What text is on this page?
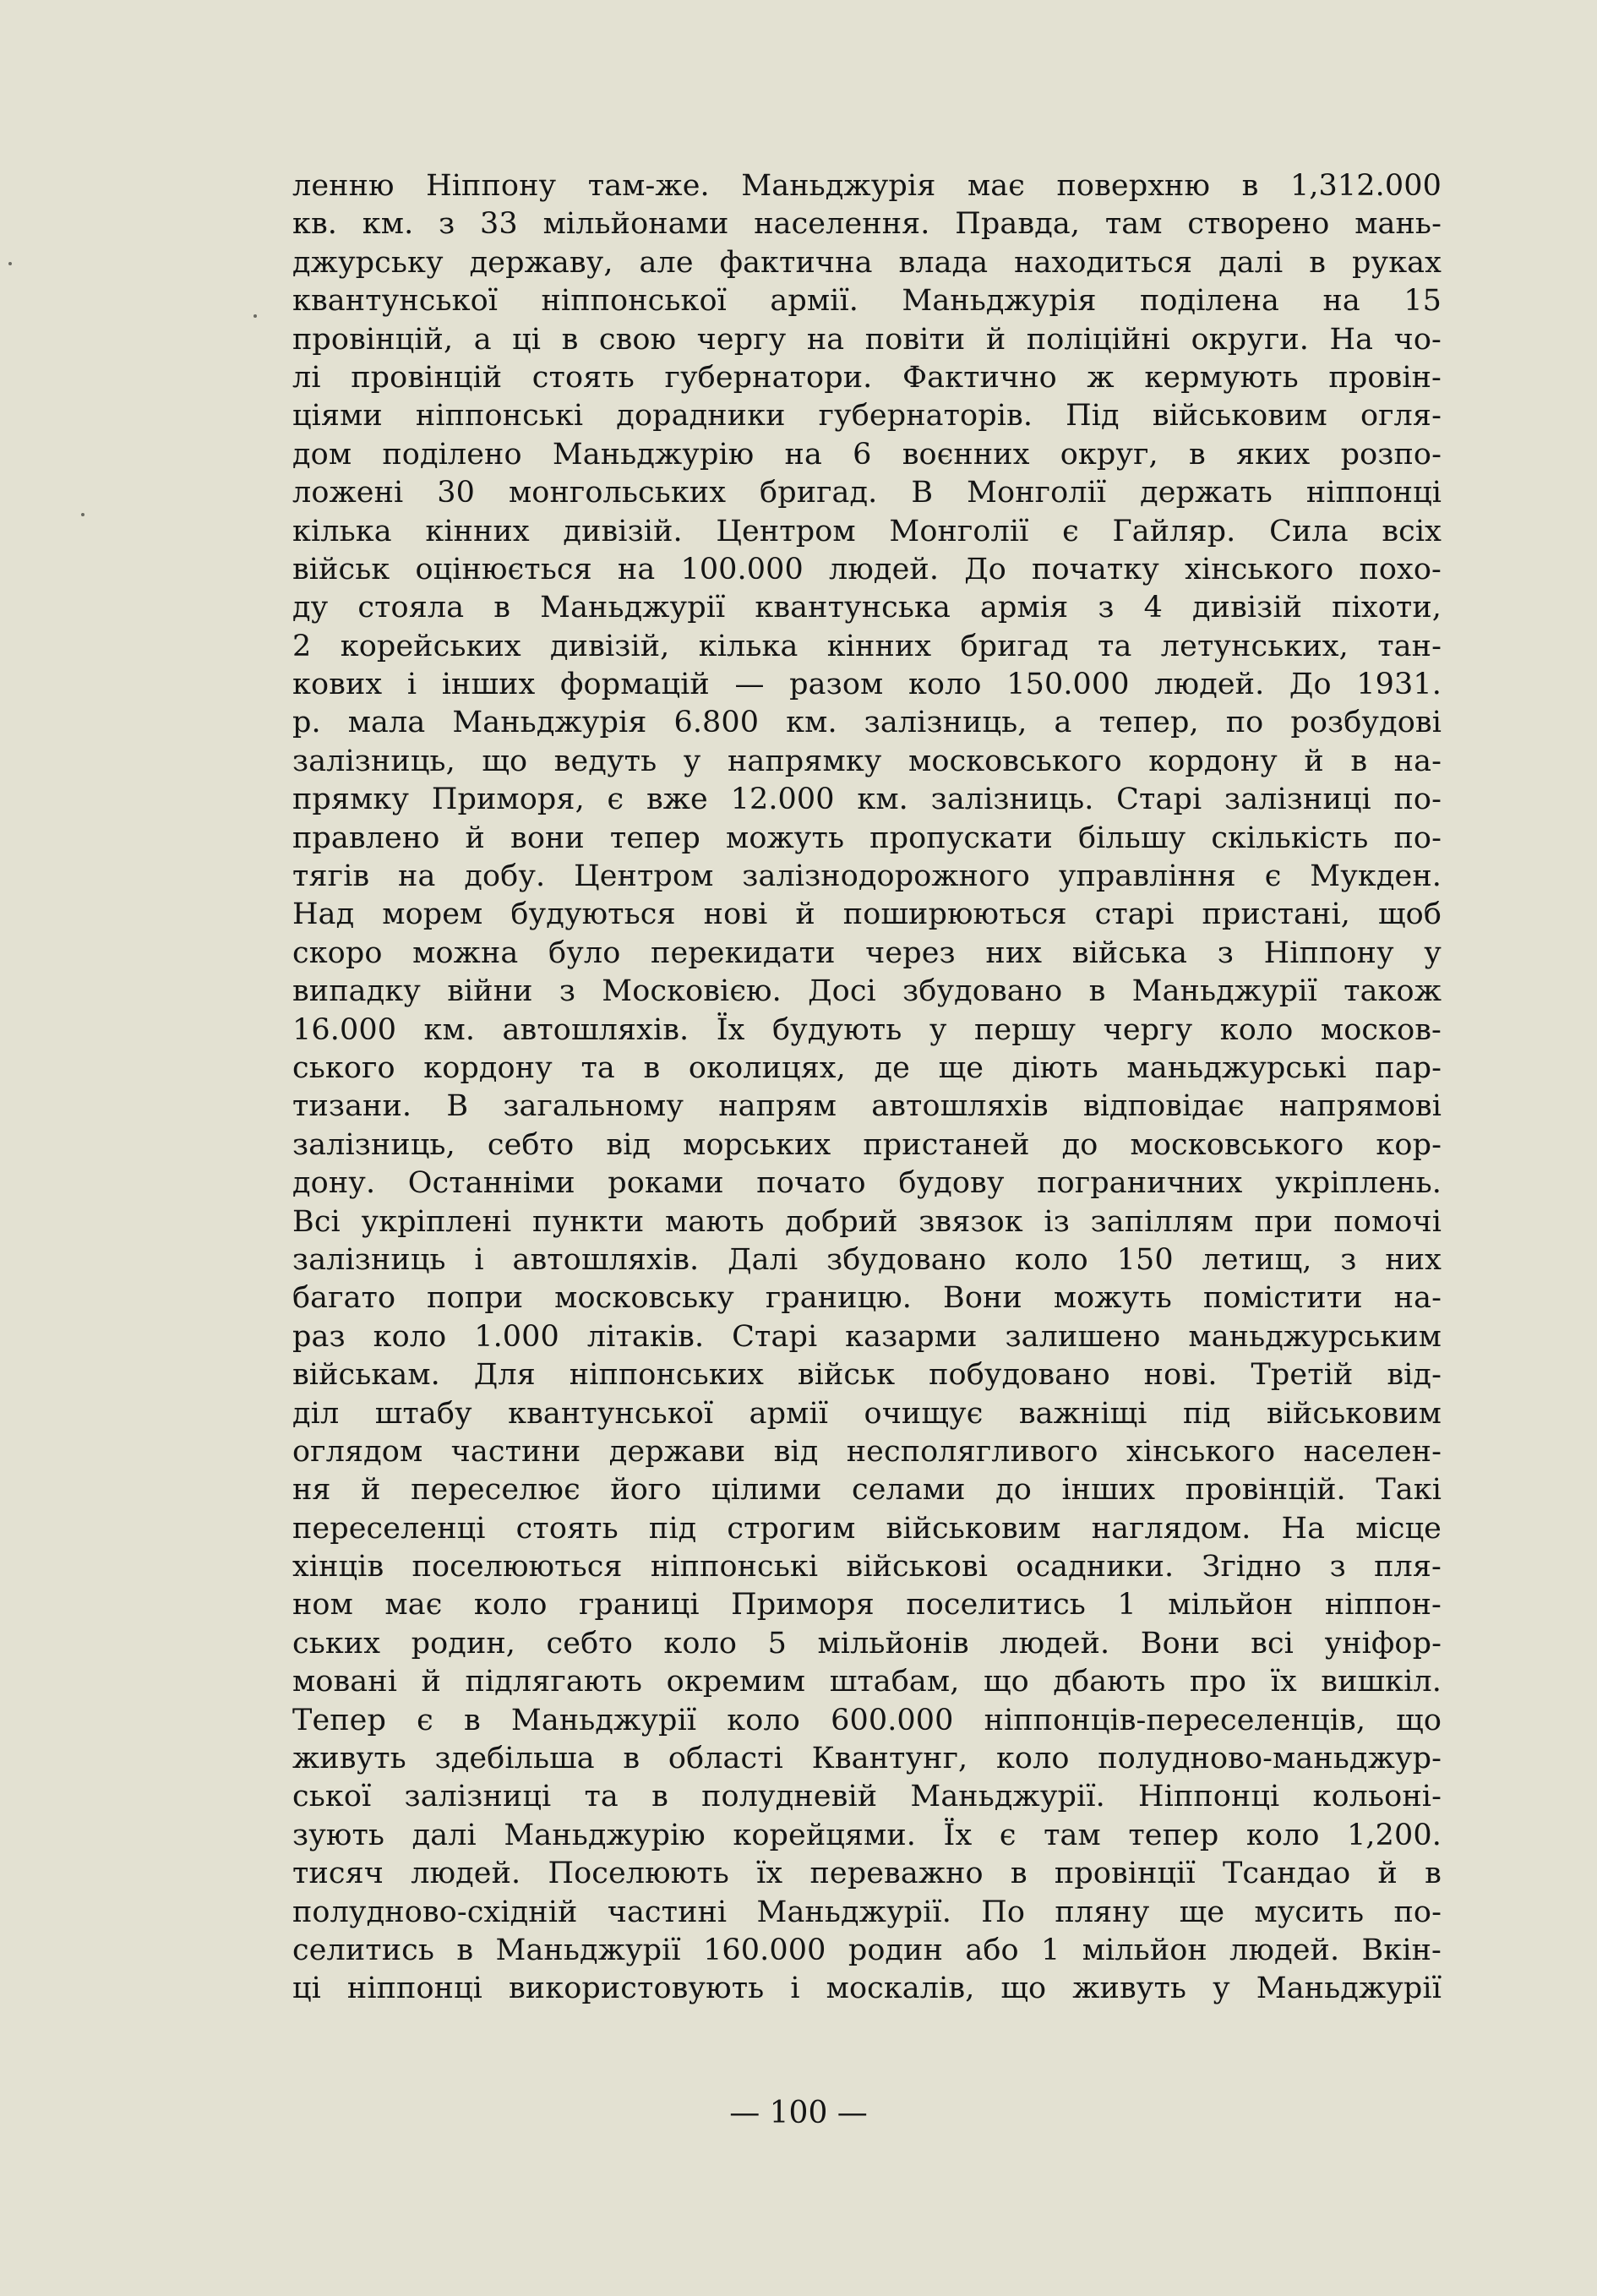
ленню Ніппону там-же. Маньджурія має поверхню в 1,312.000
кв. км. з 33 мільйонами населення. Правда, там створено мань-
джурську державу, але фактична влада находиться далі в руках
квантунської ніппонської армії. Маньджурія поділена на 15
провінцій, а ці в свою чергу на повіти й поліційні округи. На чо-
лі провінцій стоять губернатори. Фактично ж кермують провін-
ціями ніппонські дорадники губернаторів. Під військовим огля-
дом поділено Маньджурію на 6 воєнних округ, в яких розпо-
ложені 30 монгольських бригад. В Монголії держать ніппонці
кілька кінних дивізій. Центром Монголії є Гайляр. Сила всіх
військ оцінюється на 100.000 людей. До початку хінського похо-
ду стояла в Маньджурії квантунська армія з 4 дивізій піхоти,
2 корейських дивізій, кілька кінних бригад та летунських, тан-
кових і інших формацій — разом коло 150.000 людей. До 1931.
р. мала Маньджурія 6.800 км. залізниць, а тепер, по розбудові
залізниць, що ведуть у напрямку московського кордону й в на-
прямку Приморя, є вже 12.000 км. залізниць. Старі залізниці по-
правлено й вони тепер можуть пропускати більшу скількість по-
тягів на добу. Центром залізнодорожного управління є Мукден.
Над морем будуються нові й поширюються старі пристані, щоб
скоро можна було перекидати через них війська з Ніппону у
випадку війни з Московією. Досі збудовано в Маньджурії також
16.000 км. автошляхів. Їх будують у першу чергу коло москов-
ського кордону та в околицях, де ще діють маньджурські пар-
тизани. В загальному напрям автошляхів відповідає напрямові
залізниць, себто від морських пристаней до московського кор-
дону. Останніми роками почато будову пограничних укріплень.
Всі укріплені пункти мають добрий звязок із запіллям при помочі
залізниць і автошляхів. Далі збудовано коло 150 летищ, з них
багато попри московську границю. Вони можуть помістити на-
раз коло 1.000 літаків. Старі казарми залишено маньджурським
військам. Для ніппонських військ побудовано нові. Третій від-
діл штабу квантунської армії очищує важніщі під військовим
оглядом частини держави від несполягливого хінського населен-
ня й переселює його цілими селами до інших провінцій. Такі
переселенці стоять під строгим військовим наглядом. На місце
хінців поселюються ніппонські військові осадники. Згідно з пля-
ном має коло границі Приморя поселитись 1 мільйон ніппон-
ських родин, себто коло 5 мільйонів людей. Вони всі уніфор-
мовані й підлягають окремим штабам, що дбають про їх вишкіл.
Тепер є в Маньджурії коло 600.000 ніппонців-переселенців, що
живуть здебільша в області Квантунг, коло полудново-маньджур-
ської залізниці та в полудневій Маньджурії. Ніппонці кольоні-
зують далі Маньджурію корейцями. Їх є там тепер коло 1,200.
тисяч людей. Поселюють їх переважно в провінції Тсандао й в
полудново-східній частині Маньджурії. По пляну ще мусить по-
селитись в Маньджурії 160.000 родин або 1 мільйон людей. Вкін-
ці ніппонці використовують і москалів, що живуть у Маньджурії
— 100 —
